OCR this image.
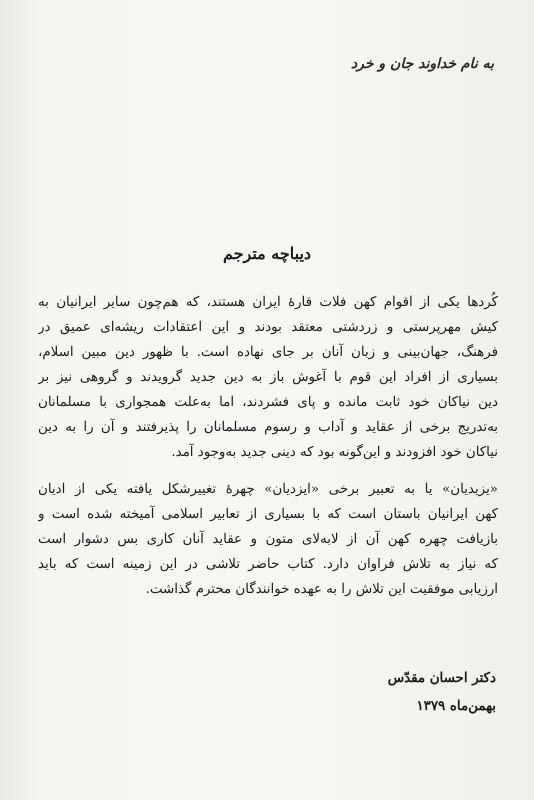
به نام خداوند جان و خرد
دیباچه مترجم
کُردها یکی از اقوام کهن فلات قارهٔ ایران هستند، که هم‌چون سایر ایرانیان به
کیش مهرپرستی و زردشتی معتقد بودند و این اعتقادات ریشه‌ای عمیق در
فرهنگ، جهان‌بینی و زبان آنان بر جای نهاده است. با ظهور دین مبین اسلام،
بسیاری از افراد این قوم با آغوش باز به دین جدید گرویدند و گروهی نیز بر
دین نیاکان خود ثابت مانده و پای فشردند، اما به‌علت همجواری با مسلمانان
به‌تدریج برخی از عقاید و آداب و رسوم مسلمانان را پذیرفتند و آن را به دین
نیاکان خود افزودند و این‌گونه بود که دینی جدید به‌وجود آمد.
«یزیدیان» یا به تعبیر برخی «ایزدیان» چهرهٔ تغییرشکل یافته یکی از ادیان
کهن ایرانیان باستان است که با بسیاری از تعابیر اسلامی آمیخته شده است و
بازیافت چهره کهن آن از لابه‌لای متون و عقاید آنان کاری بس دشوار است
که نیاز به تلاش فراوان دارد. کتاب حاضر تلاشی در این زمینه است که باید
ارزیابی موفقیت این تلاش را به عهده خوانندگان محترم گذاشت.
دکتر احسان مقدّس
بهمن‌ماه ۱۳۷۹
